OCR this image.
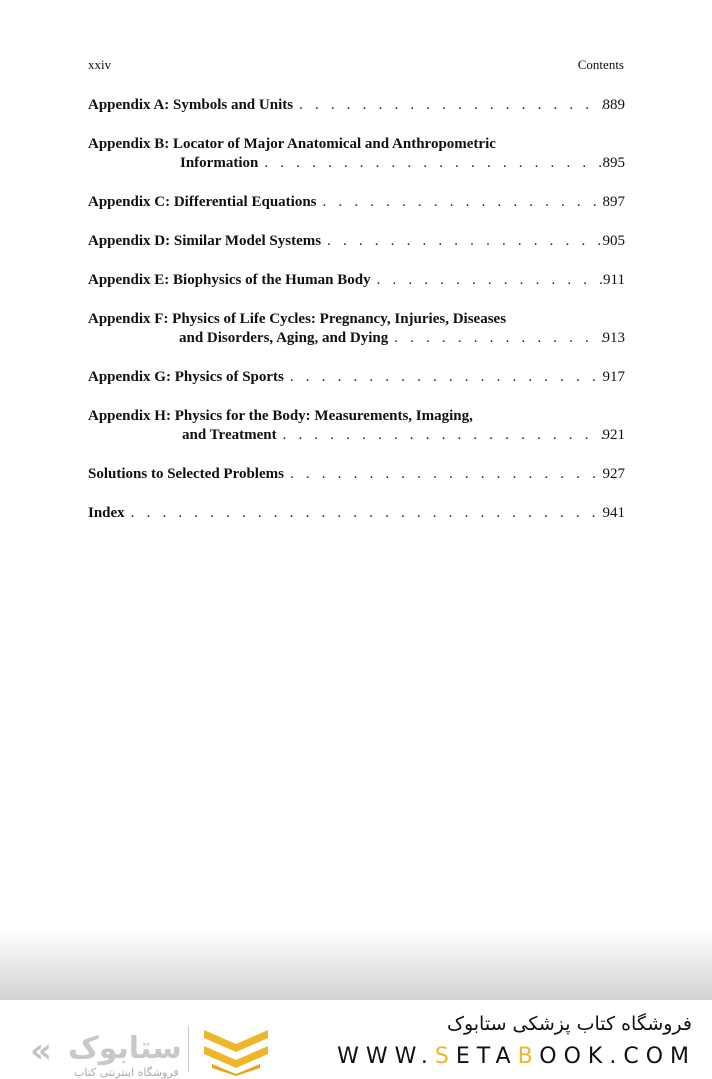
xxiv	Contents
Appendix A: Symbols and Units . . .	889
Appendix B: Locator of Major Anatomical and Anthropometric
Information . . .	895
Appendix C: Differential Equations . . .	897
Appendix D: Similar Model Systems . . .	905
Appendix E: Biophysics of the Human Body . . .	911
Appendix F: Physics of Life Cycles: Pregnancy, Injuries, Diseases
and Disorders, Aging, and Dying . . .	913
Appendix G: Physics of Sports . . .	917
Appendix H: Physics for the Body: Measurements, Imaging,
and Treatment . . .	921
Solutions to Selected Problems . . .	927
Index . . .	941
« ستابوک
فروشگاه اینترنتی کتاب
فروشگاه کتاب پزشکی ستابوک
WWW.SETABOOK.COM
